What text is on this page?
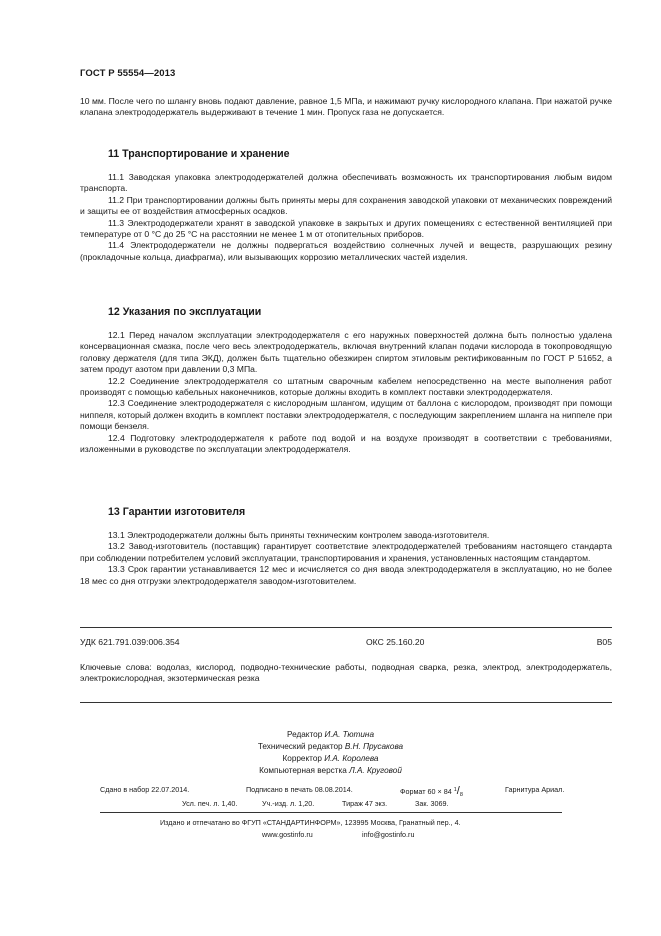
ГОСТ Р 55554—2013

10 мм. После чего по шлангу вновь подают давление, равное 1,5 МПа, и нажимают ручку кислородного клапана. При нажатой ручке клапана электрододержатель выдерживают в течение 1 мин. Пропуск газа не допускается.

11 Транспортирование и хранение

11.1 Заводская упаковка электрододержателей должна обеспечивать возможность их транспортирования любым видом транспорта.

11.2 При транспортировании должны быть приняты меры для сохранения заводской упаковки от механических повреждений и защиты ее от воздействия атмосферных осадков.

11.3 Электрододержатели хранят в заводской упаковке в закрытых и других помещениях с естественной вентиляцией при температуре от 0 °С до 25 °С на расстоянии не менее 1 м от отопительных приборов.

11.4 Электрододержатели не должны подвергаться воздействию солнечных лучей и веществ, разрушающих резину (прокладочные кольца, диафрагма), или вызывающих коррозию металлических частей изделия.

12 Указания по эксплуатации

12.1 Перед началом эксплуатации электрододержателя с его наружных поверхностей должна быть полностью удалена консервационная смазка, после чего весь электрододержатель, включая внутренний клапан подачи кислорода в токопроводящую головку держателя (для типа ЭКД), должен быть тщательно обезжирен спиртом этиловым ректификованным по ГОСТ Р 51652, а затем продут азотом при давлении 0,3 МПа.

12.2 Соединение электрододержателя со штатным сварочным кабелем непосредственно на месте выполнения работ производят с помощью кабельных наконечников, которые должны входить в комплект поставки электрододержателя.

12.3 Соединение электрододержателя с кислородным шлангом, идущим от баллона с кислородом, производят при помощи ниппеля, который должен входить в комплект поставки электрододержателя, с последующим закреплением шланга на ниппеле при помощи бензеля.

12.4 Подготовку электрододержателя к работе под водой и на воздухе производят в соответствии с требованиями, изложенными в руководстве по эксплуатации электрододержателя.

13 Гарантии изготовителя

13.1 Электрододержатели должны быть приняты техническим контролем завода-изготовителя.

13.2 Завод-изготовитель (поставщик) гарантирует соответствие электрододержателей требованиям настоящего стандарта при соблюдении потребителем условий эксплуатации, транспортирования и хранения, установленных настоящим стандартом.

13.3 Срок гарантии устанавливается 12 мес и исчисляется со дня ввода электрододержателя в эксплуатацию, но не более 18 мес со дня отгрузки электрододержателя заводом-изготовителем.

УДК 621.791.039:006.354	ОКС 25.160.20	В05

Ключевые слова: водолаз, кислород, подводно-технические работы, подводная сварка, резка, электрод, электрододержатель, электрокислородная, экзотермическая резка

Редактор И.А. Тютина
Технический редактор В.Н. Прусакова
Корректор И.А. Королева
Компьютерная верстка Л.А. Круговой
Сдано в набор 22.07.2014.	Подписано в печать 08.08.2014.	Формат 60 × 84 $^1/_8$
Гарнитура Ариал.
Усл. печ. л. 1,40.	Уч.-изд. л. 1,20.	Тираж 47 экз.	Зак. 3069.
Издано и отпечатано во ФГУП «СТАНДАРТИНФОРМ», 123995 Москва, Гранатный пер., 4.
www.gostinfo.ru	info@gostinfo.ru
